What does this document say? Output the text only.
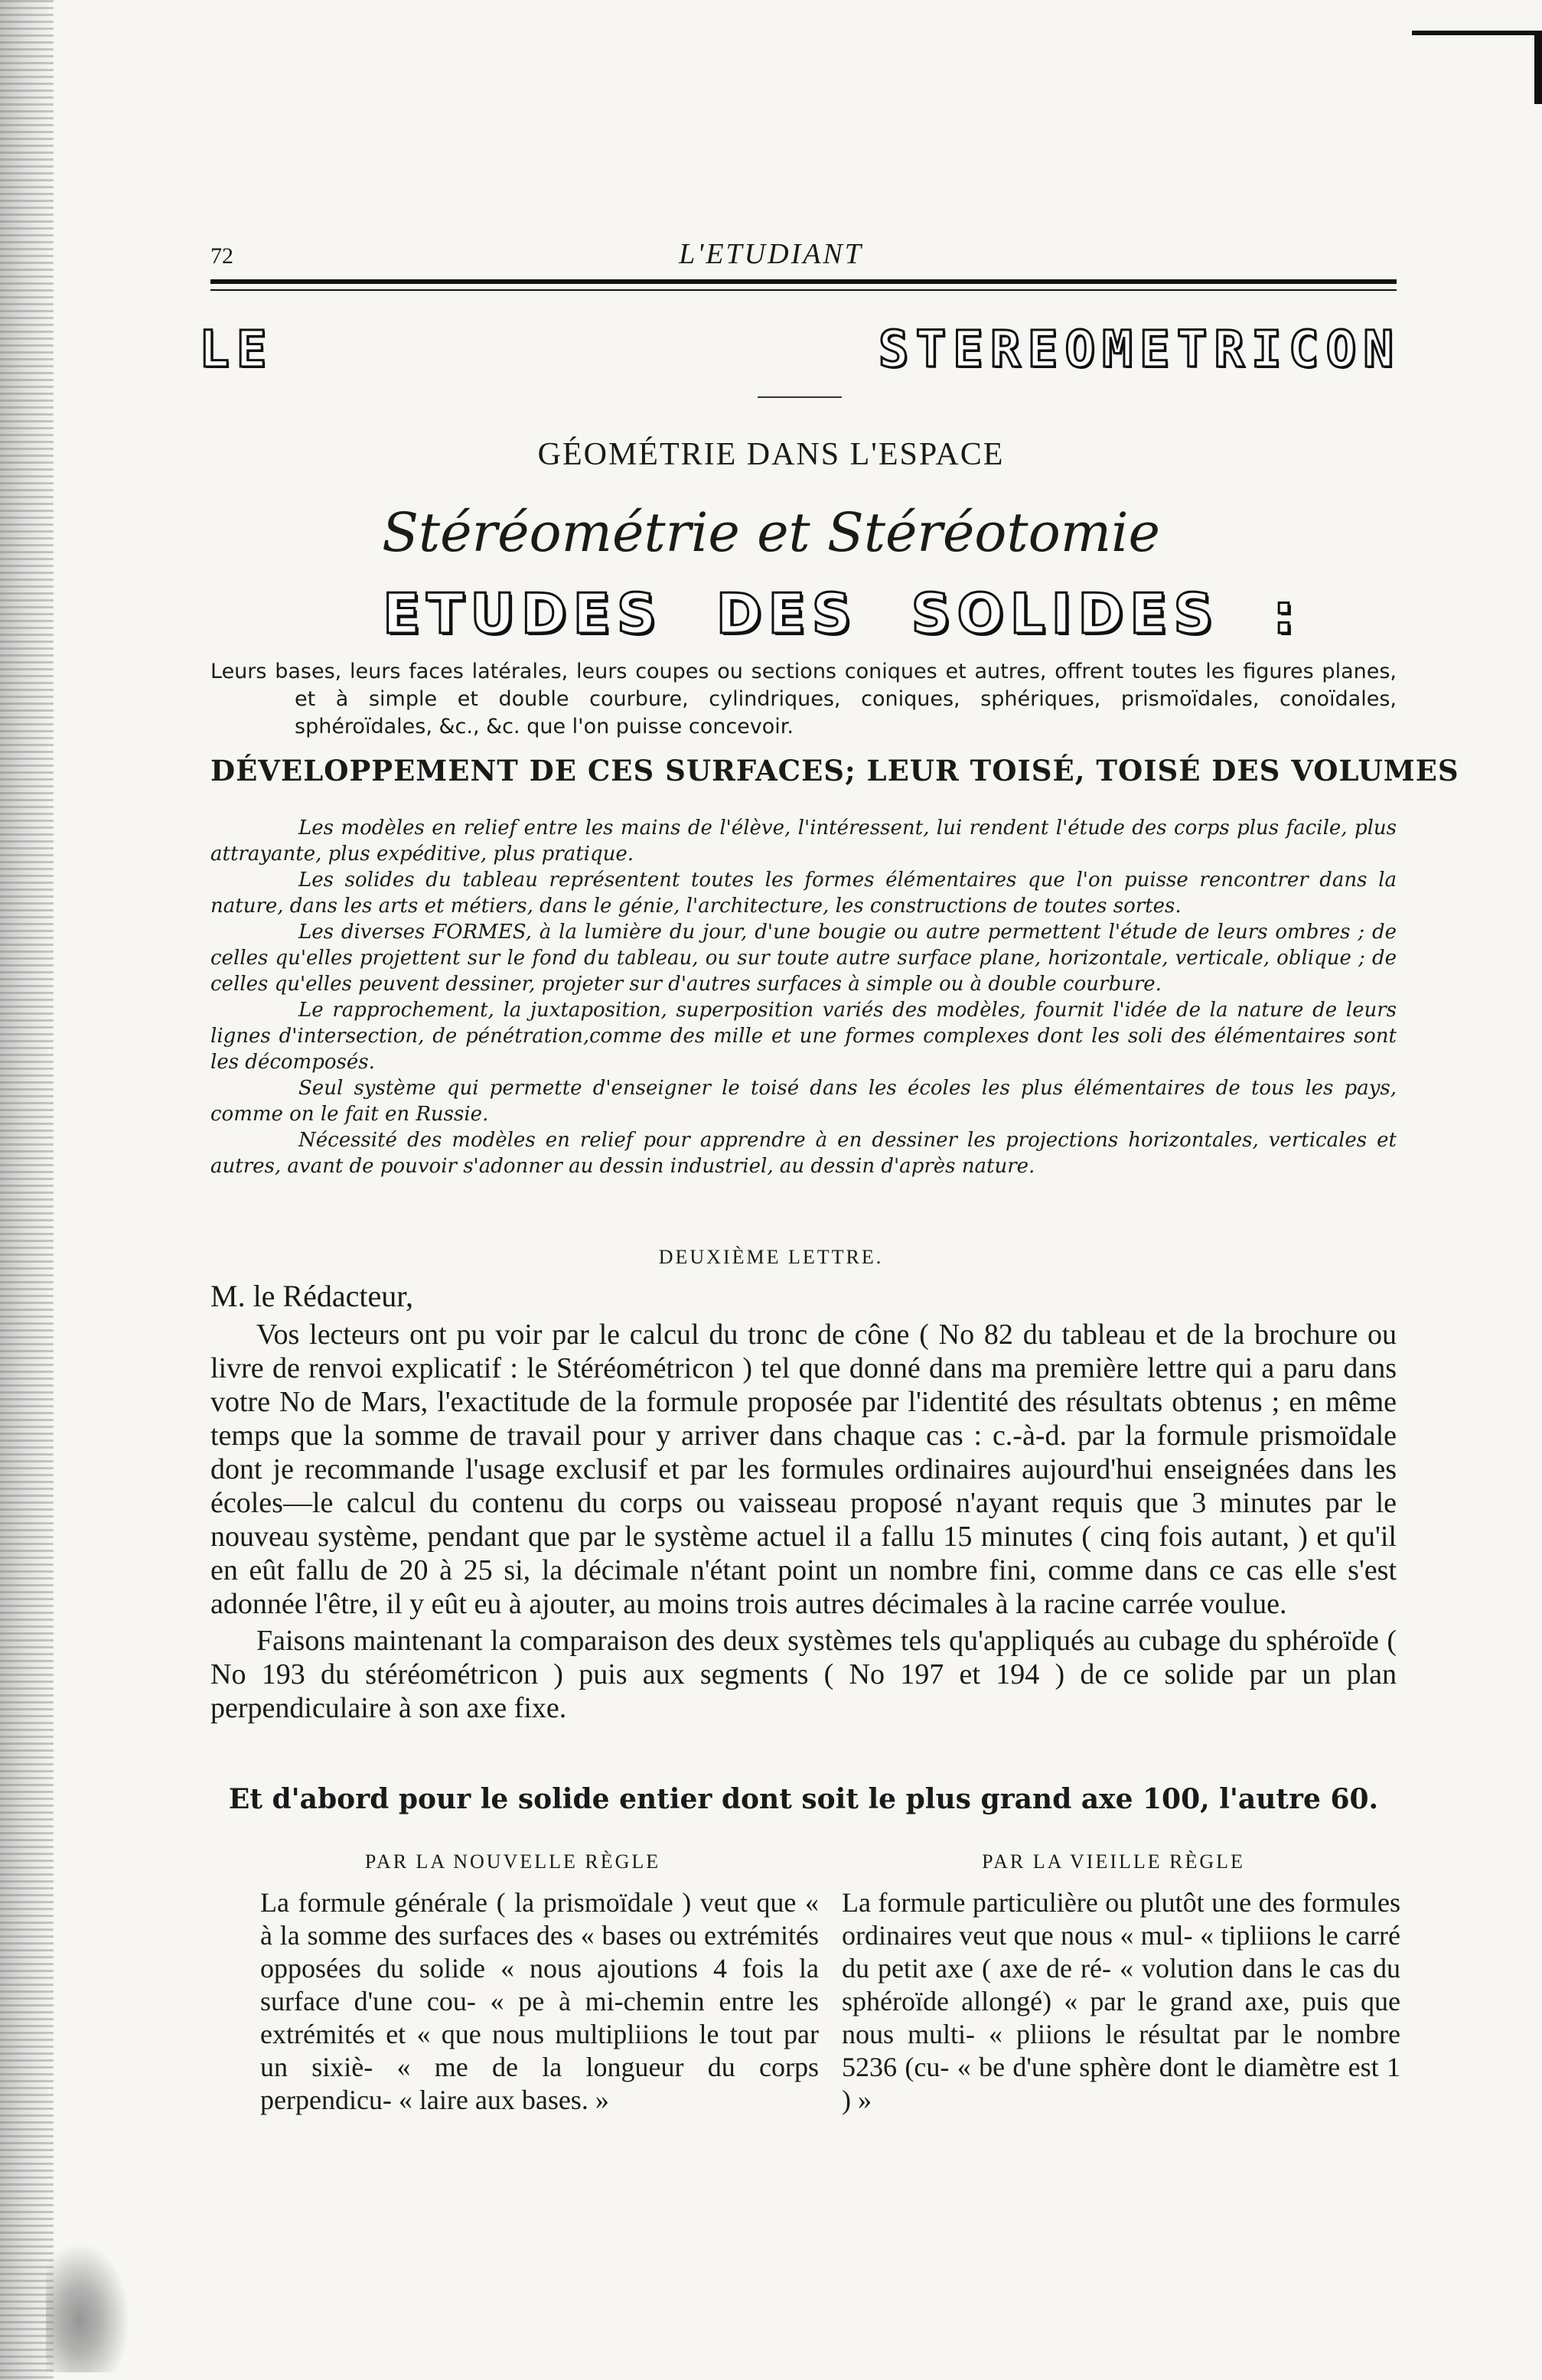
72	L'ETUDIANT
LE	STEREOMETRICON
GÉOMÉTRIE DANS L'ESPACE
Stéréométrie et Stéréotomie
ETUDES DES SOLIDES :
Leurs bases, leurs faces latérales, leurs coupes ou sections coniques et autres, offrent toutes les figures planes, et à simple et double courbure, cylindriques, coniques, sphériques, prismoïdales, conoïdales, sphéroïdales, &c., &c. que l'on puisse concevoir.
DÉVELOPPEMENT DE CES SURFACES; LEUR TOISÉ, TOISÉ DES VOLUMES

Les modèles en relief entre les mains de l'élève, l'intéressent, lui rendent l'étude des corps plus facile, plus attrayante, plus expéditive, plus pratique.

Les solides du tableau représentent toutes les formes élémentaires que l'on puisse rencontrer dans la nature, dans les arts et métiers, dans le génie, l'architecture, les constructions de toutes sortes.

Les diverses FORMES, à la lumière du jour, d'une bougie ou autre permettent l'étude de leurs ombres ; de celles qu'elles projettent sur le fond du tableau, ou sur toute autre surface plane, horizontale, verticale, oblique ; de celles qu'elles peuvent dessiner, projeter sur d'autres surfaces à simple ou à double courbure.

Le rapprochement, la juxtaposition, superposition variés des modèles, fournit l'idée de la nature de leurs lignes d'intersection, de pénétration,comme des mille et une formes complexes dont les soli des élémentaires sont les décomposés.

Seul système qui permette d'enseigner le toisé dans les écoles les plus élémentaires de tous les pays, comme on le fait en Russie.

Nécessité des modèles en relief pour apprendre à en dessiner les projections horizontales, verticales et autres, avant de pouvoir s'adonner au dessin industriel, au dessin d'après nature.

DEUXIÈME LETTRE.
M. le Rédacteur,

Vos lecteurs ont pu voir par le calcul du tronc de cône ( No 82 du tableau et de la brochure ou livre de renvoi explicatif : le Stéréométricon ) tel que donné dans ma première lettre qui a paru dans votre No de Mars, l'exactitude de la formule proposée par l'identité des résultats obtenus ; en même temps que la somme de travail pour y arriver dans chaque cas : c.-à-d. par la formule prismoïdale dont je recommande l'usage exclusif et par les formules ordinaires aujourd'hui enseignées dans les écoles—le calcul du contenu du corps ou vaisseau proposé n'ayant requis que 3 minutes par le nouveau système, pendant que par le système actuel il a fallu 15 minutes ( cinq fois autant, ) et qu'il en eût fallu de 20 à 25 si, la décimale n'étant point un nombre fini, comme dans ce cas elle s'est adonnée l'être, il y eût eu à ajouter, au moins trois autres décimales à la racine carrée voulue.

Faisons maintenant la comparaison des deux systèmes tels qu'appliqués au cubage du sphéroïde ( No 193 du stéréométricon ) puis aux segments ( No 197 et 194 ) de ce solide par un plan perpendiculaire à son axe fixe.

Et d'abord pour le solide entier dont soit le plus grand axe 100, l'autre 60.
PAR LA NOUVELLE RÈGLE	PAR LA VIEILLE RÈGLE

La formule générale ( la prismoïdale ) veut que « à la somme des surfaces des « bases ou extrémités opposées du solide « nous ajoutions 4 fois la surface d'une cou- « pe à mi-chemin entre les extrémités et « que nous multipliions le tout par un sixiè- « me de la longueur du corps perpendicu- « laire aux bases. »

La formule particulière ou plutôt une des formules ordinaires veut que nous « mul- « tipliions le carré du petit axe ( axe de ré- « volution dans le cas du sphéroïde allongé) « par le grand axe, puis que nous multi- « pliions le résultat par le nombre 5236 (cu- « be d'une sphère dont le diamètre est 1 ) »
